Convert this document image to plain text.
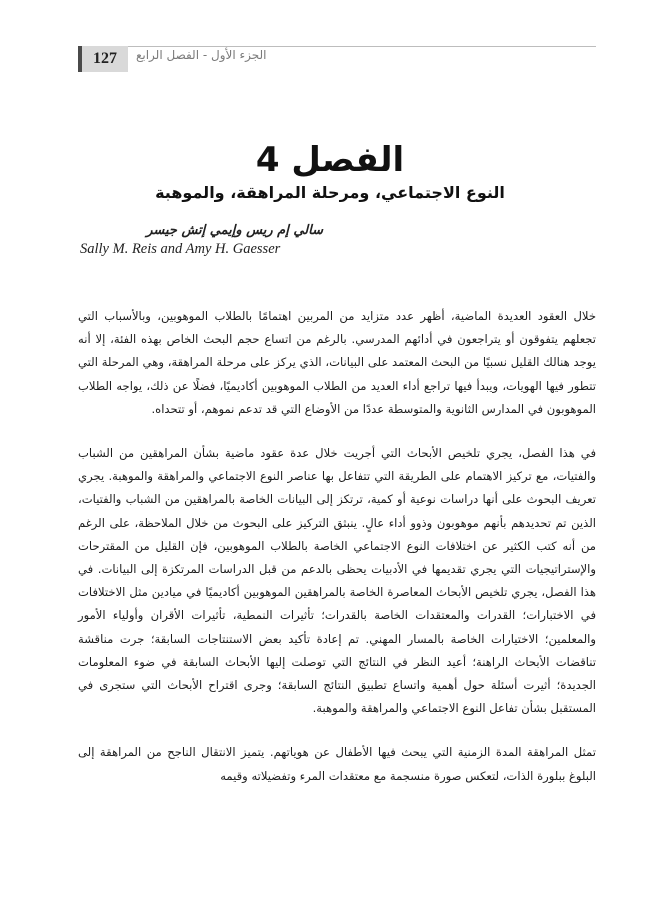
127	الجزء الأول - الفصل الرابع
الفصل 4
النوع الاجتماعي، ومرحلة المراهقة، والموهبة
سالي إم ريس وإيمي إتش جيسر
Sally M. Reis and Amy H. Gaesser

خلال العقود العديدة الماضية، أظهر عدد متزايد من المربين اهتمامًا بالطلاب الموهوبين، وبالأسباب التي تجعلهم يتفوقون أو يتراجعون في أدائهم المدرسي. بالرغم من اتساع حجم البحث الخاص بهذه الفئة، إلا أنه يوجد هنالك القليل نسبيًا من البحث المعتمد على البيانات، الذي يركز على مرحلة المراهقة، وهي المرحلة التي تتطور فيها الهويات، ويبدأ فيها تراجع أداء العديد من الطلاب الموهوبين أكاديميًا، فضلًا عن ذلك، يواجه الطلاب الموهوبون في المدارس الثانوية والمتوسطة عددًا من الأوضاع التي قد تدعم نموهم، أو تتحداه.

في هذا الفصل، يجري تلخيص الأبحاث التي أجريت خلال عدة عقود ماضية بشأن المراهقين من الشباب والفتيات، مع تركيز الاهتمام على الطريقة التي تتفاعل بها عناصر النوع الاجتماعي والمراهقة والموهبة. يجري تعريف البحوث على أنها دراسات نوعية أو كمية، ترتكز إلى البيانات الخاصة بالمراهقين من الشباب والفتيات، الذين تم تحديدهم بأنهم موهوبون وذوو أداء عالٍ. ينبثق التركيز على البحوث من خلال الملاحظة، على الرغم من أنه كتب الكثير عن اختلافات النوع الاجتماعي الخاصة بالطلاب الموهوبين، فإن القليل من المقترحات والإستراتيجيات التي يجري تقديمها في الأدبيات يحظى بالدعم من قبل الدراسات المرتكزة إلى البيانات. في هذا الفصل، يجري تلخيص الأبحاث المعاصرة الخاصة بالمراهقين الموهوبين أكاديميًا في ميادين مثل الاختلافات في الاختبارات؛ القدرات والمعتقدات الخاصة بالقدرات؛ تأثيرات النمطية، تأثيرات الأقران وأولياء الأمور والمعلمين؛ الاختيارات الخاصة بالمسار المهني. تم إعادة تأكيد بعض الاستنتاجات السابقة؛ جرت مناقشة تناقضات الأبحاث الراهنة؛ أعيد النظر في النتائج التي توصلت إليها الأبحاث السابقة في ضوء المعلومات الجديدة؛ أثيرت أسئلة حول أهمية واتساع تطبيق النتائج السابقة؛ وجرى اقتراح الأبحاث التي ستجرى في المستقبل بشأن تفاعل النوع الاجتماعي والمراهقة والموهبة.

تمثل المراهقة المدة الزمنية التي يبحث فيها الأطفال عن هوياتهم. يتميز الانتقال الناجح من المراهقة إلى البلوغ ببلورة الذات، لتعكس صورة منسجمة مع معتقدات المرء وتفضيلاته وقيمه
